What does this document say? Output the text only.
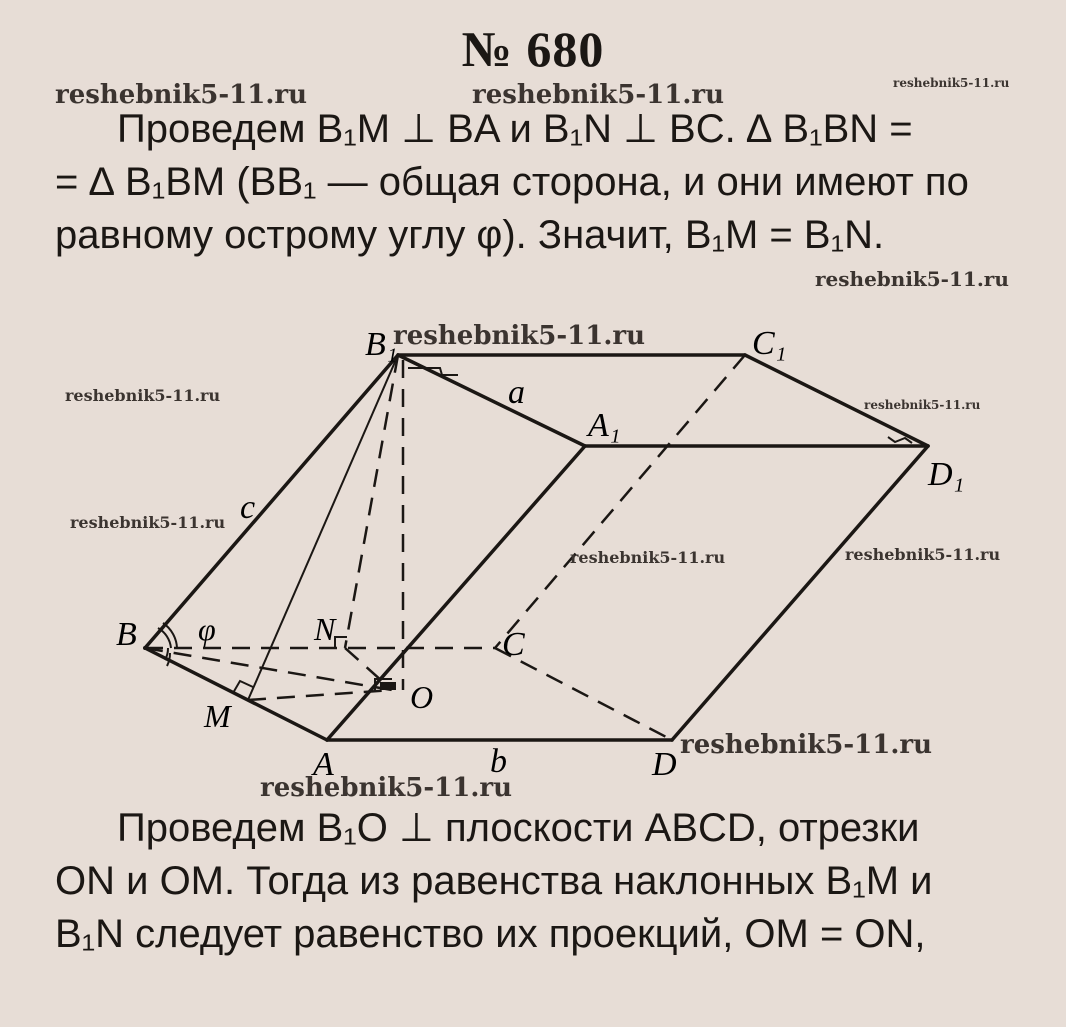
№ 680
reshebnik5-11.ru	reshebnik5-11.ru	reshebnik5-11.ru
Проведем B₁M ⊥ BA и B₁N ⊥ BC. ∆ B₁BN =
= ∆ B₁BM (BB₁ — общая сторона, и они имеют по
равному острому углу φ). Значит, B₁M = B₁N.
reshebnik5-11.ru
B₁	C₁
A₁
D₁
B	C
A	D
N
M
O
a
b
c
φ
reshebnik5-11.ru
reshebnik5-11.ru	reshebnik5-11.ru
reshebnik5-11.ru
reshebnik5-11.ru	reshebnik5-11.ru
reshebnik5-11.ru
reshebnik5-11.ru
Проведем B₁O ⊥ плоскости ABCD, отрезки
ON и OM. Тогда из равенства наклонных B₁M и
B₁N следует равенство их проекций, OM = ON,
